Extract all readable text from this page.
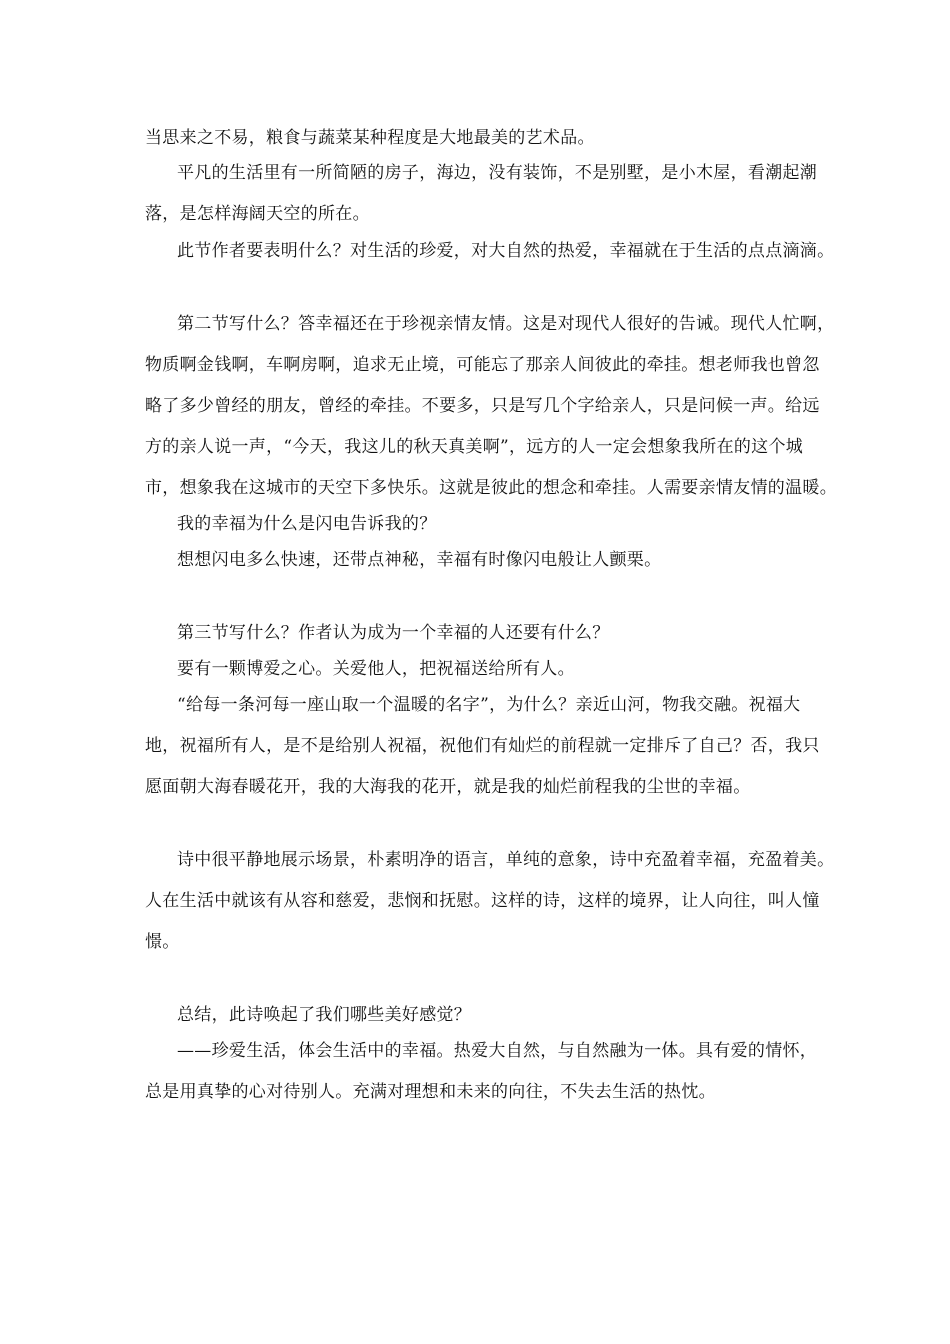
当思来之不易，粮食与蔬菜某种程度是大地最美的艺术品。
平凡的生活里有一所简陋的房子，海边，没有装饰，不是别墅，是小木屋，看潮起潮
落，是怎样海阔天空的所在。
此节作者要表明什么？对生活的珍爱，对大自然的热爱，幸福就在于生活的点点滴滴。
第二节写什么？答幸福还在于珍视亲情友情。这是对现代人很好的告诫。现代人忙啊，
物质啊金钱啊，车啊房啊，追求无止境，可能忘了那亲人间彼此的牵挂。想老师我也曾忽
略了多少曾经的朋友，曾经的牵挂。不要多，只是写几个字给亲人，只是问候一声。给远
方的亲人说一声，“今天，我这儿的秋天真美啊”，远方的人一定会想象我所在的这个城
市，想象我在这城市的天空下多快乐。这就是彼此的想念和牵挂。人需要亲情友情的温暖。
我的幸福为什么是闪电告诉我的？
想想闪电多么快速，还带点神秘，幸福有时像闪电般让人颤栗。
第三节写什么？作者认为成为一个幸福的人还要有什么？
要有一颗博爱之心。关爱他人，把祝福送给所有人。
“给每一条河每一座山取一个温暖的名字”，为什么？亲近山河，物我交融。祝福大
地，祝福所有人，是不是给别人祝福，祝他们有灿烂的前程就一定排斥了自己？否，我只
愿面朝大海春暖花开，我的大海我的花开，就是我的灿烂前程我的尘世的幸福。
诗中很平静地展示场景，朴素明净的语言，单纯的意象，诗中充盈着幸福，充盈着美。
人在生活中就该有从容和慈爱，悲悯和抚慰。这样的诗，这样的境界，让人向往，叫人憧
憬。
总结，此诗唤起了我们哪些美好感觉？
——珍爱生活，体会生活中的幸福。热爱大自然，与自然融为一体。具有爱的情怀，
总是用真挚的心对待别人。充满对理想和未来的向往，不失去生活的热忱。
